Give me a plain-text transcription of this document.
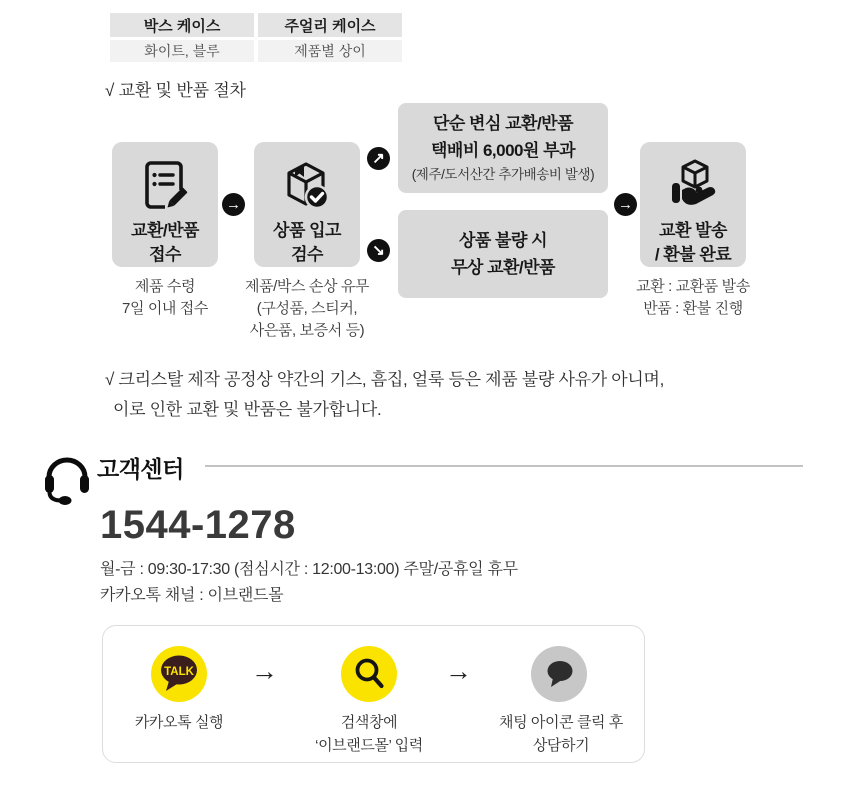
박스 케이스	주얼리 케이스
화이트, 블루	제품별 상이
√ 교환 및 반품 절차
교환/반품
접수
제품 수령
7일 이내 접수
→
상품 입고
검수
제품/박스 손상 유무
(구성품, 스티커,
사은품, 보증서 등)
↗
↘
단순 변심 교환/반품
택배비 6,000원 부과
(제주/도서산간 추가배송비 발생)
상품 불량 시
무상 교환/반품
→
교환 발송
/ 환불 완료
교환 : 교환품 발송
반품 : 환불 진행
√ 크리스탈 제작 공정상 약간의 기스, 흠집, 얼룩 등은 제품 불량 사유가 아니며,
이로 인한 교환 및 반품은 불가합니다.
고객센터
1544-1278
월-금 : 09:30-17:30 (점심시간 : 12:00-13:00) 주말/공휴일 휴무
카카오톡 채널 : 이브랜드몰
TALK
카카오톡 실행
→
검색창에
‘이브랜드몰’ 입력
→
채팅 아이콘 클릭 후
상담하기
